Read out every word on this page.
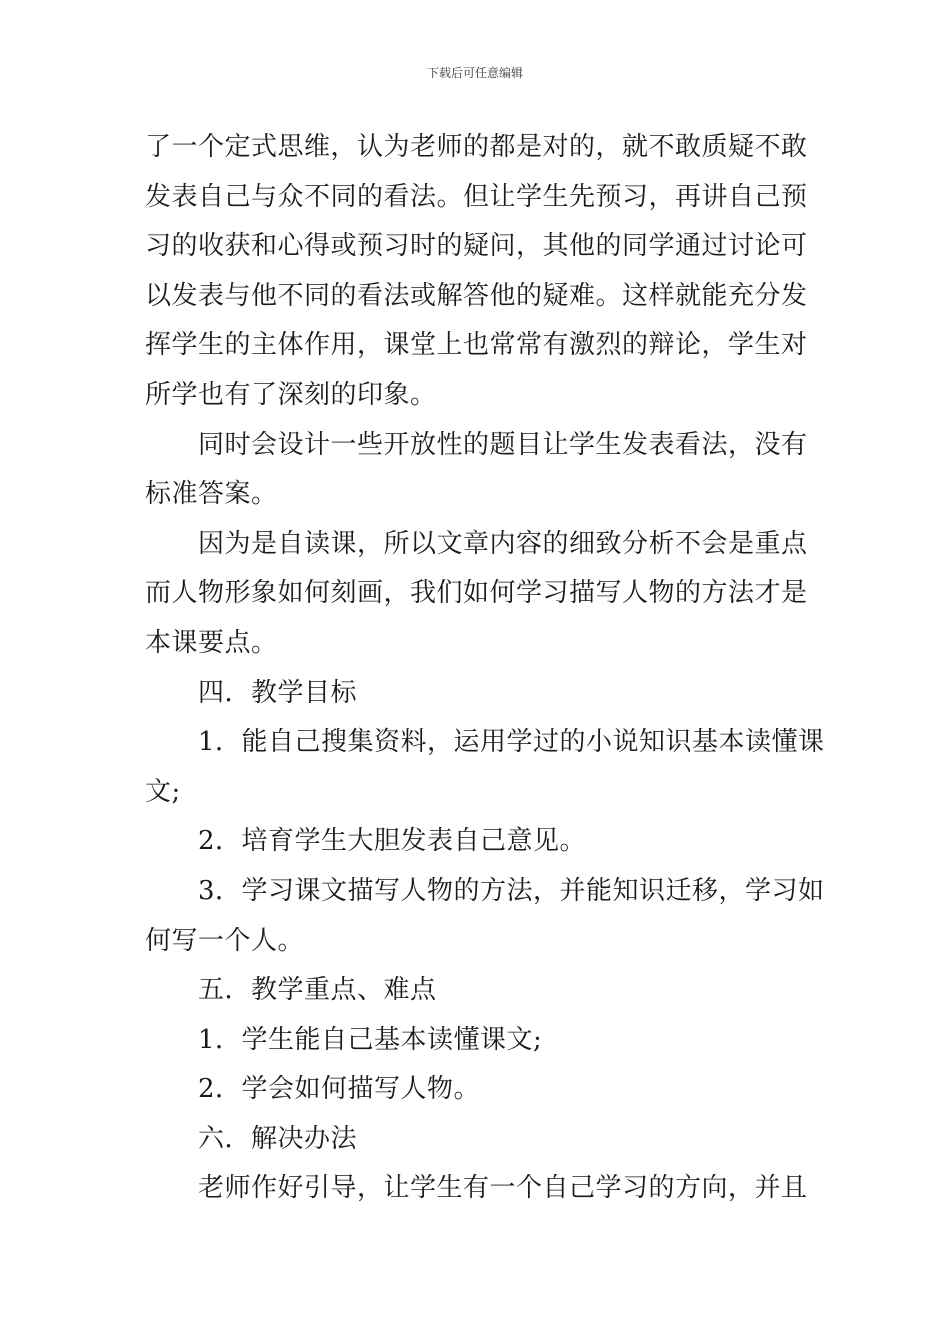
下载后可任意编辑
了一个定式思维，认为老师的都是对的，就不敢质疑不敢
发表自己与众不同的看法。但让学生先预习，再讲自己预
习的收获和心得或预习时的疑问，其他的同学通过讨论可
以发表与他不同的看法或解答他的疑难。这样就能充分发
挥学生的主体作用，课堂上也常常有激烈的辩论，学生对
所学也有了深刻的印象。
同时会设计一些开放性的题目让学生发表看法，没有
标准答案。
因为是自读课，所以文章内容的细致分析不会是重点
而人物形象如何刻画，我们如何学习描写人物的方法才是
本课要点。
四．教学目标
1．能自己搜集资料，运用学过的小说知识基本读懂课
文;
2．培育学生大胆发表自己意见。
3．学习课文描写人物的方法，并能知识迁移，学习如
何写一个人。
五．教学重点、难点
1．学生能自己基本读懂课文;
2．学会如何描写人物。
六．解决办法
老师作好引导，让学生有一个自己学习的方向，并且
